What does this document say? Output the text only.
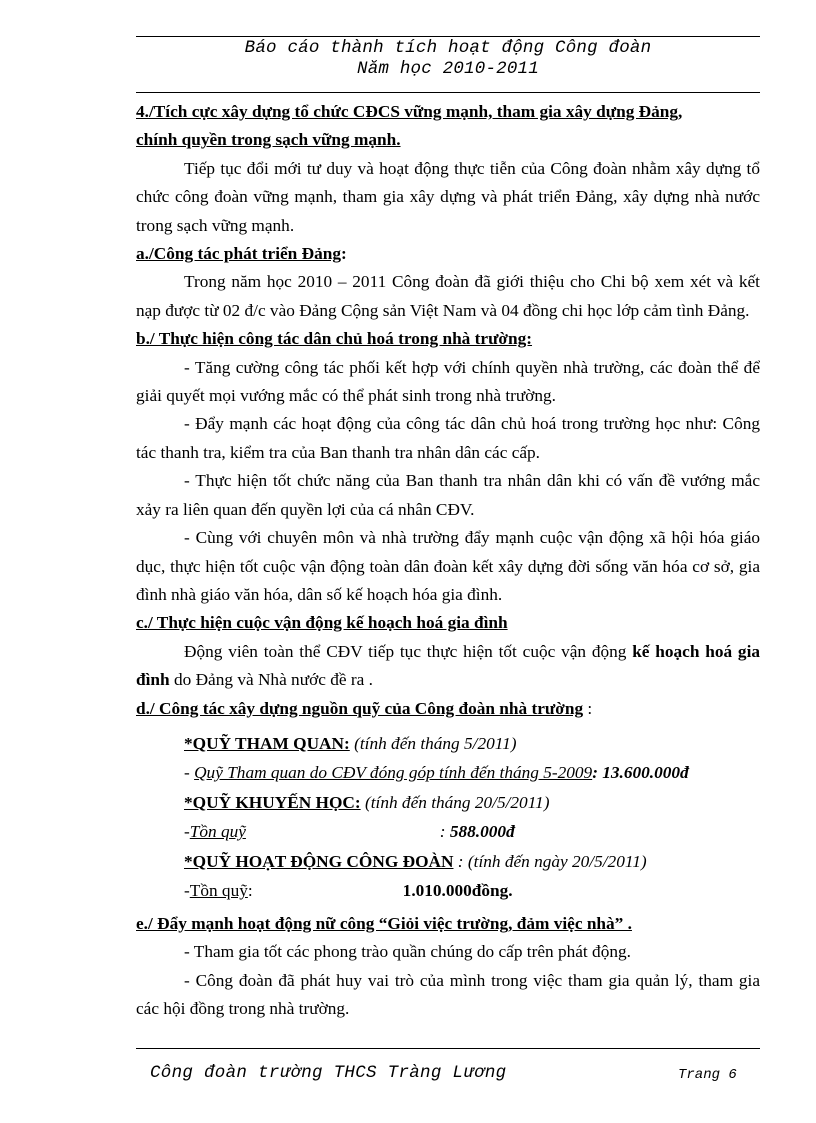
Báo cáo thành tích hoạt động Công đoàn
Năm học 2010-2011

4./Tích cực xây dựng tổ chức CĐCS vững mạnh, tham gia xây dựng Đảng,

chính quyền trong sạch vững mạnh.

Tiếp tục đổi mới tư duy và hoạt động thực tiễn của Công đoàn nhằm xây dựng tổ chức công đoàn vững mạnh, tham gia xây dựng và phát triển Đảng, xây dựng nhà nước trong sạch vững mạnh.

a./Công tác phát triển Đảng:

Trong năm học 2010 – 2011 Công đoàn đã giới thiệu cho Chi bộ xem xét và kết nạp được từ 02 đ/c vào Đảng Cộng sản Việt Nam và 04 đồng chi học lớp cảm tình Đảng.

b./ Thực hiện công tác dân chủ hoá trong nhà trường:

- Tăng cường công tác phối kết hợp với chính quyền nhà trường, các đoàn thể để giải quyết mọi vướng mắc có thể phát sinh trong nhà trường.

- Đẩy mạnh các hoạt động của công tác dân chủ hoá trong trường học như: Công tác thanh tra, kiểm tra của Ban thanh tra nhân dân các cấp.

- Thực hiện tốt chức năng của Ban thanh tra nhân dân khi có vấn đề vướng mắc xảy ra liên quan đến quyền lợi của cá nhân CĐV.

- Cùng với chuyên môn và nhà trường đẩy mạnh cuộc vận động xã hội hóa giáo dục, thực hiện tốt cuộc vận động toàn dân đoàn kết xây dựng đời sống văn hóa cơ sở, gia đình nhà giáo văn hóa, dân số kế hoạch hóa gia đình.

c./ Thực hiện cuộc vận động kế hoạch hoá gia đình

Động viên toàn thể CĐV tiếp tục thực hiện tốt cuộc vận động kế hoạch hoá gia đình do Đảng và Nhà nước đề ra .

d./ Công tác xây dựng nguồn quỹ của Công đoàn nhà trường :

*QUỸ THAM QUAN: (tính đến tháng 5/2011)

- Quỹ Tham quan do CĐV đóng góp tính đến tháng 5-2009: 13.600.000đ

*QUỸ KHUYẾN HỌC: (tính đến tháng 20/5/2011)

-Tồn quỹ	: 588.000đ

*QUỸ HOẠT ĐỘNG CÔNG ĐOÀN : (tính đến ngày 20/5/2011)

-Tồn quỹ:	1.010.000đồng.

e./ Đẩy mạnh hoạt động nữ công “Giỏi việc trường, đảm việc nhà” .

- Tham gia tốt các phong trào quần chúng do cấp trên phát động.

- Công đoàn đã phát huy vai trò của mình trong việc tham gia quản lý, tham gia các hội đồng trong nhà trường.

Công đoàn trường THCS Tràng Lương	Trang 6
